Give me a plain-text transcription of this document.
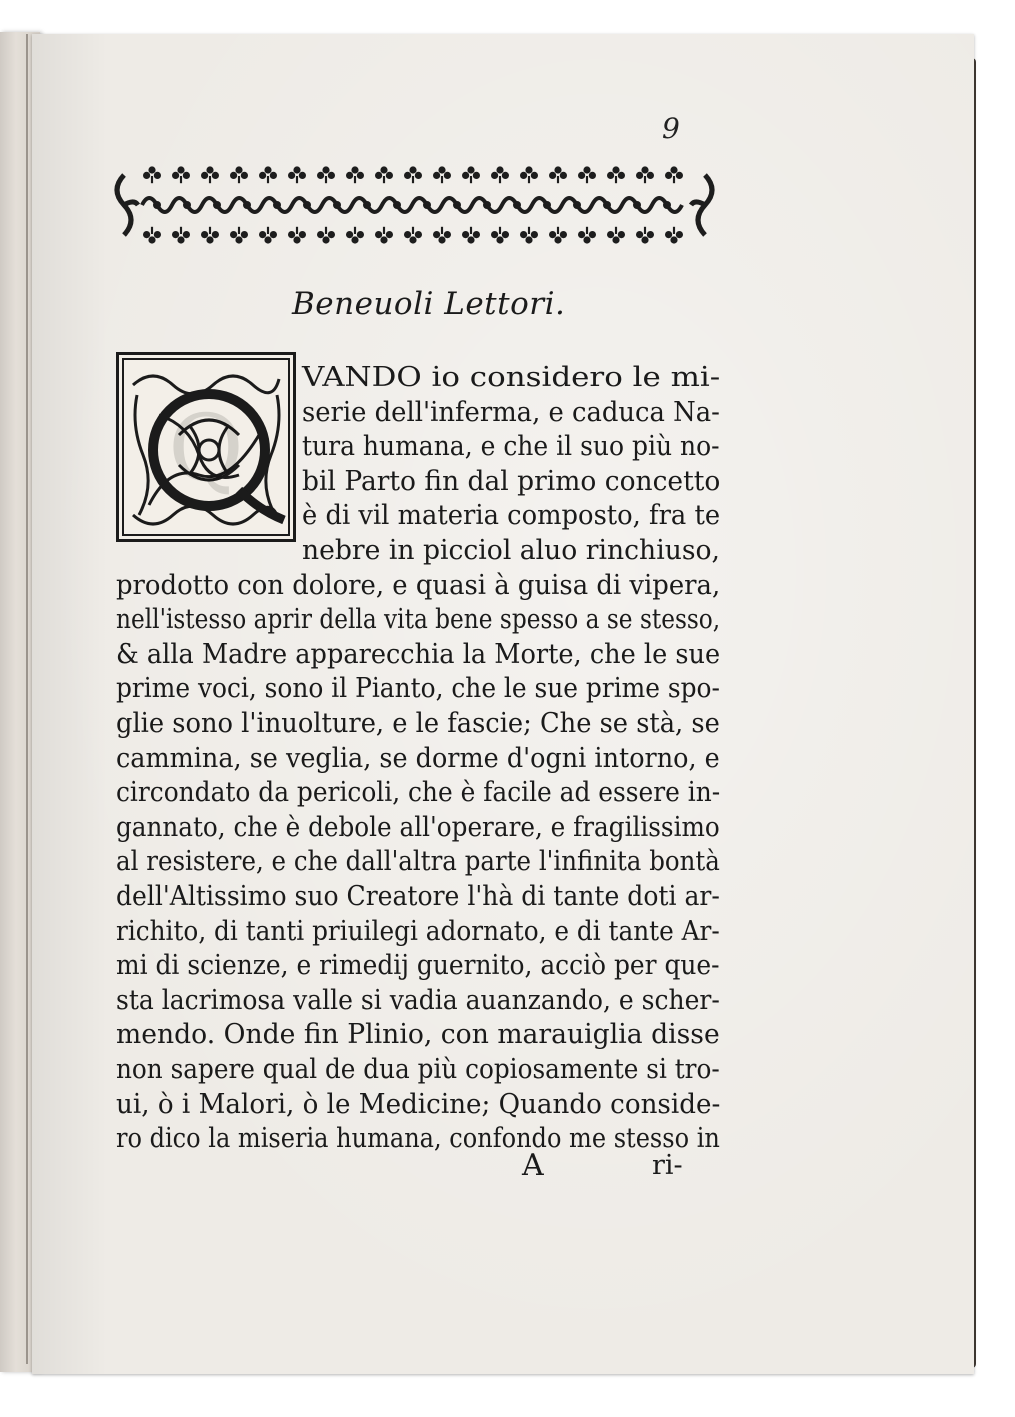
9
Beneuoli Lettori.
Q
VANDO io considero le mi-
serie dell'inferma, e caduca Na-
tura humana, e che il suo più no-
bil Parto fin dal primo concetto
è di vil materia composto, fra te
nebre in picciol aluo rinchiuso,
prodotto con dolore, e quasi à guisa di vipera,
nell'istesso aprir della vita bene spesso a se stesso,
& alla Madre apparecchia la Morte, che le sue
prime voci, sono il Pianto, che le sue prime spo-
glie sono l'inuolture, e le fascie; Che se stà, se
cammina, se veglia, se dorme d'ogni intorno, e
circondato da pericoli, che è facile ad essere in-
gannato, che è debole all'operare, e fragilissimo
al resistere, e che dall'altra parte l'infinita bontà
dell'Altissimo suo Creatore l'hà di tante doti ar-
richito, di tanti priuilegi adornato, e di tante Ar-
mi di scienze, e rimedij guernito, acciò per que-
sta lacrimosa valle si vadia auanzando, e scher-
mendo. Onde fin Plinio, con marauiglia disse
non sapere qual de dua più copiosamente si tro-
ui, ò i Malori, ò le Medicine; Quando conside-
ro dico la miseria humana, confondo me stesso in
A	ri-
